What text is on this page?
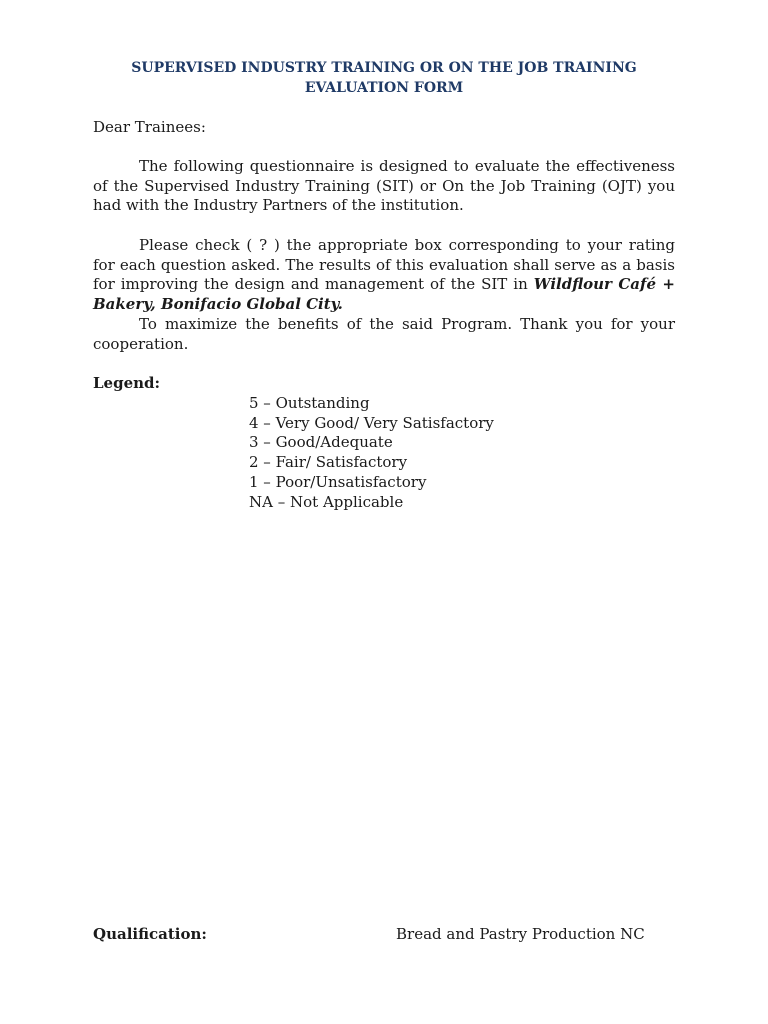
SUPERVISED INDUSTRY TRAINING OR ON THE JOB TRAINING
EVALUATION FORM
Dear Trainees:
The following questionnaire is designed to evaluate the effectiveness of the Supervised Industry Training (SIT) or On the Job Training (OJT) you had with the Industry Partners of the institution.
Please check ( ? ) the appropriate box corresponding to your rating for each question asked. The results of this evaluation shall serve as a basis for improving the design and management of the SIT in Wildflour Café + Bakery, Bonifacio Global City.
To maximize the benefits of the said Program. Thank you for your cooperation.
Legend:
5 – Outstanding
4 – Very Good/ Very Satisfactory
3 – Good/Adequate
2 – Fair/ Satisfactory
1 – Poor/Unsatisfactory
NA – Not Applicable
Qualification:	Bread and Pastry Production NC
